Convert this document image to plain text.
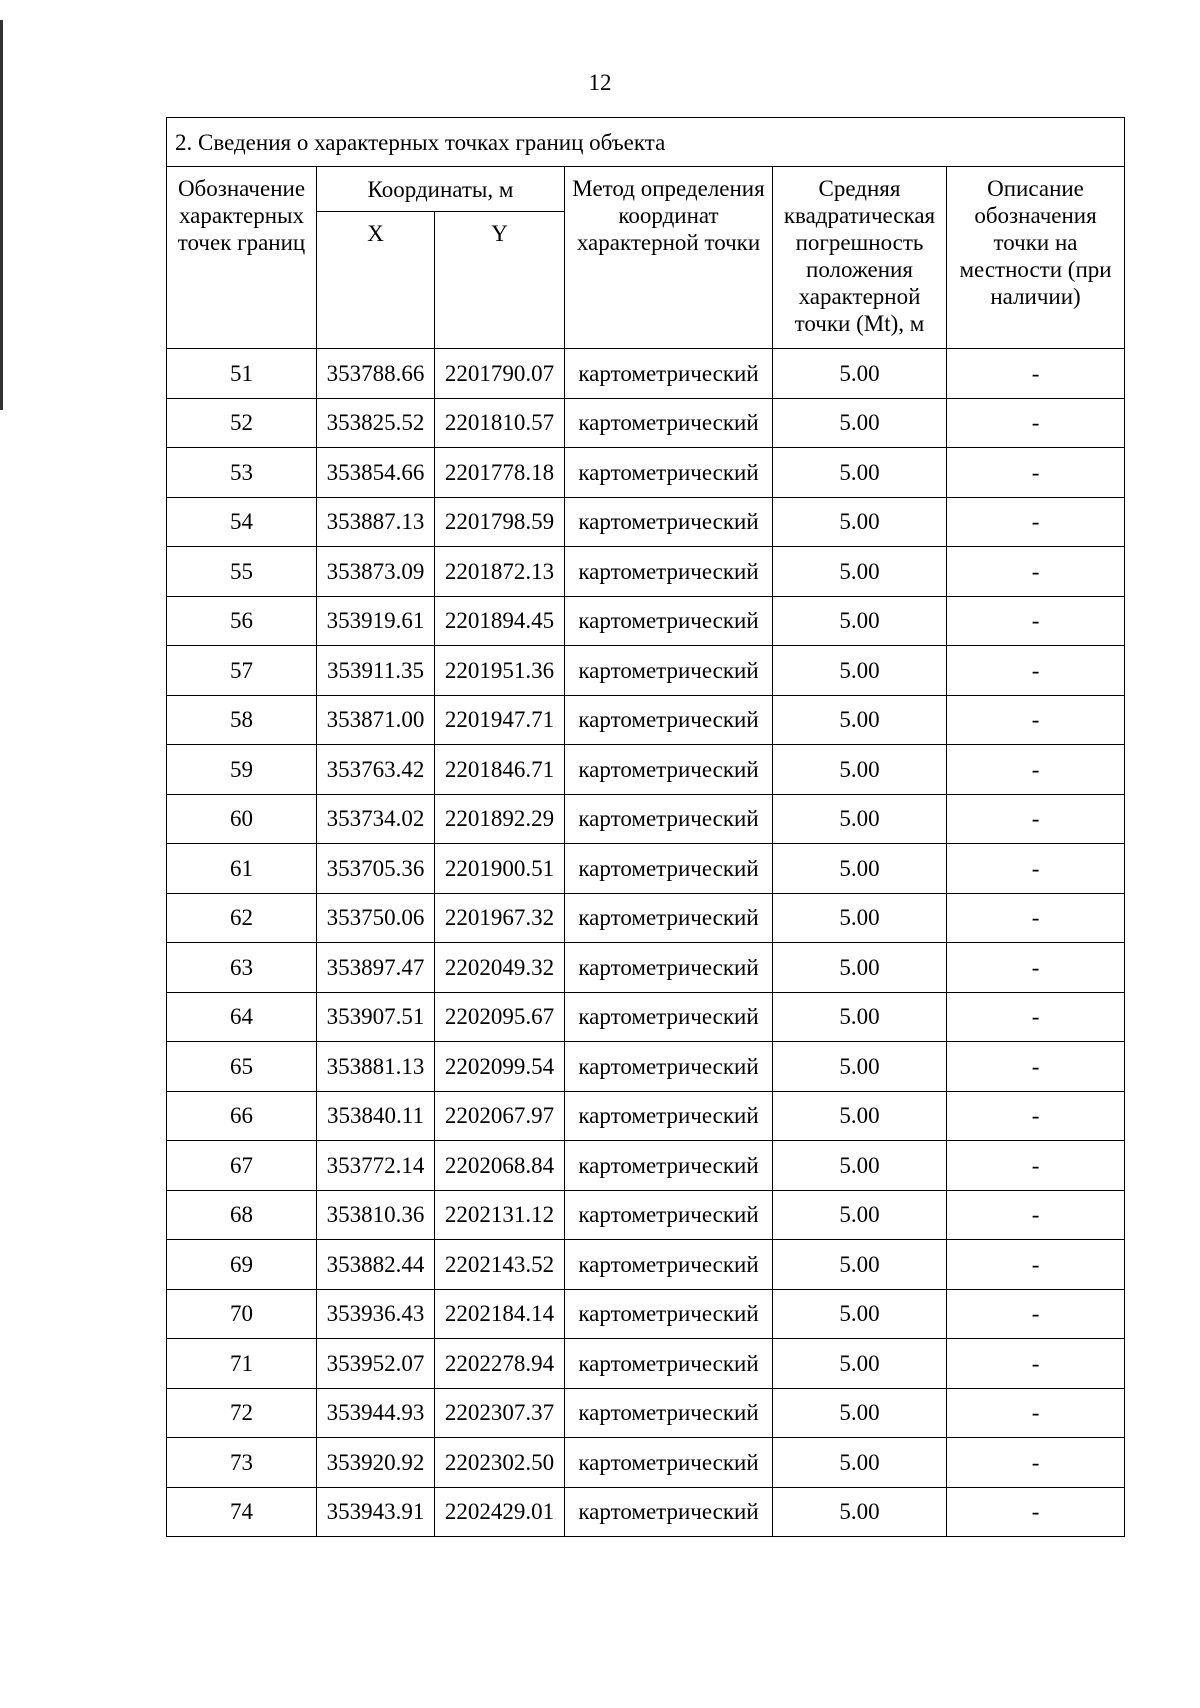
12
2. Сведения о характерных точках границ объекта					
Обозначение характерных точек границ	Координаты, м		Метод определения координат характерной точки	Средняя квадратическая погрешность положения характерной точки (Mt), м	Описание обозначения точки на местности (при наличии)
	X	Y			
51	353788.66	2201790.07	картометрический	5.00	-
52	353825.52	2201810.57	картометрический	5.00	-
53	353854.66	2201778.18	картометрический	5.00	-
54	353887.13	2201798.59	картометрический	5.00	-
55	353873.09	2201872.13	картометрический	5.00	-
56	353919.61	2201894.45	картометрический	5.00	-
57	353911.35	2201951.36	картометрический	5.00	-
58	353871.00	2201947.71	картометрический	5.00	-
59	353763.42	2201846.71	картометрический	5.00	-
60	353734.02	2201892.29	картометрический	5.00	-
61	353705.36	2201900.51	картометрический	5.00	-
62	353750.06	2201967.32	картометрический	5.00	-
63	353897.47	2202049.32	картометрический	5.00	-
64	353907.51	2202095.67	картометрический	5.00	-
65	353881.13	2202099.54	картометрический	5.00	-
66	353840.11	2202067.97	картометрический	5.00	-
67	353772.14	2202068.84	картометрический	5.00	-
68	353810.36	2202131.12	картометрический	5.00	-
69	353882.44	2202143.52	картометрический	5.00	-
70	353936.43	2202184.14	картометрический	5.00	-
71	353952.07	2202278.94	картометрический	5.00	-
72	353944.93	2202307.37	картометрический	5.00	-
73	353920.92	2202302.50	картометрический	5.00	-
74	353943.91	2202429.01	картометрический	5.00	-
